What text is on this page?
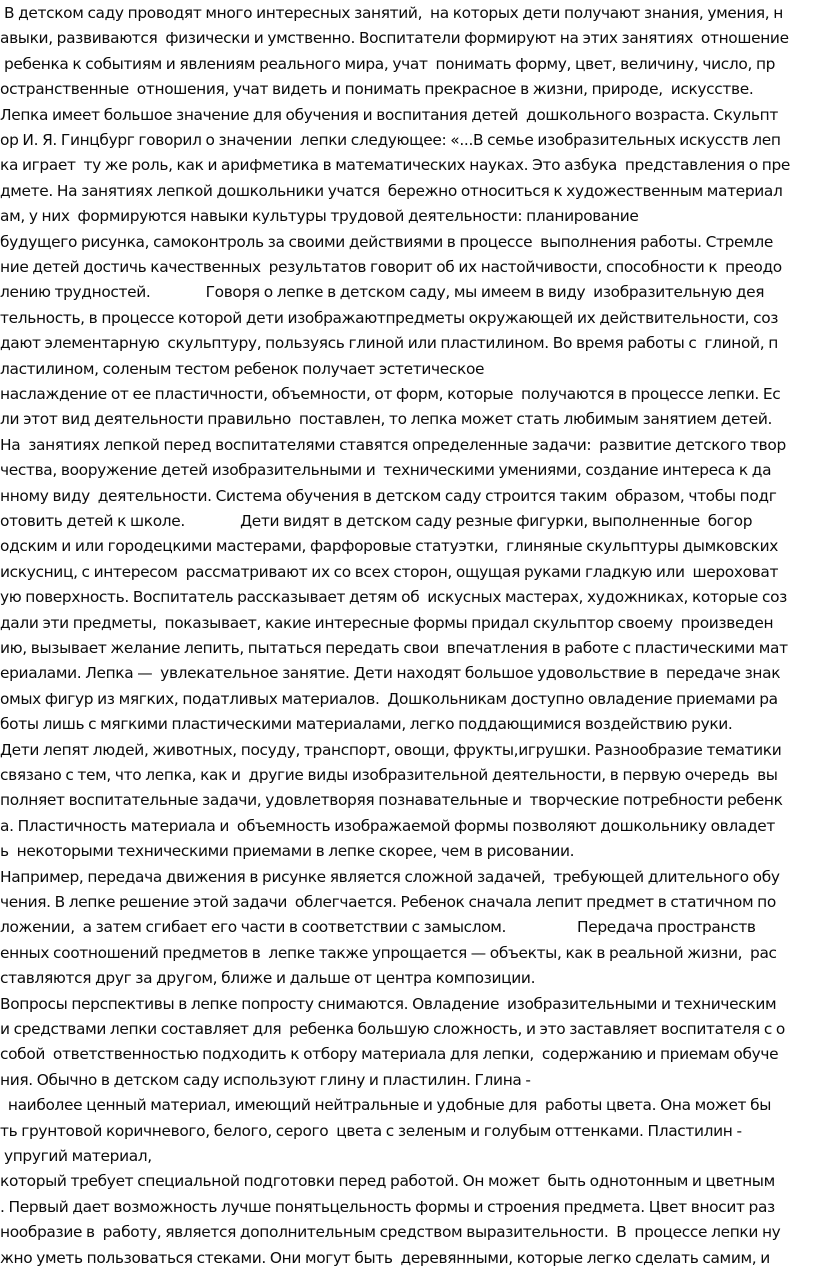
В детском саду проводят много интересных занятий,  на которых дети получают знания, умения, н
авыки, развиваются  физически и умственно. Воспитатели формируют на этих занятиях  отношение
ребенка к событиям и явлениям реального мира, учат  понимать форму, цвет, величину, число, пр
остранственные  отношения, учат видеть и понимать прекрасное в жизни, природе,  искусстве.
Лепка имеет большое значение для обучения и воспитания детей  дошкольного возраста. Скульпт
ор И. Я. Гинцбург говорил о значении  лепки следующее: «...В семье изобразительных искусств леп
ка играет  ту же роль, как и арифметика в математических науках. Это азбука  представления о пре
дмете. На занятиях лепкой дошкольники учатся  бережно относиться к художественным материал
ам, у них  формируются навыки культуры трудовой деятельности: планирование
будущего рисунка, самоконтроль за своими действиями в процессе  выполнения работы. Стремле
ние детей достичь качественных  результатов говорит об их настойчивости, способности к  преодо
лению трудностей.              Говоря о лепке в детском саду, мы имеем в виду  изобразительную дея
тельность, в процессе которой дети изображаютпредметы окружающей их действительности, соз
дают элементарную  скульптуру, пользуясь глиной или пластилином. Во время работы с  глиной, п
ластилином, соленым тестом ребенок получает эстетическое
наслаждение от ее пластичности, объемности, от форм, которые  получаются в процессе лепки. Ес
ли этот вид деятельности правильно  поставлен, то лепка может стать любимым занятием детей.
На  занятиях лепкой перед воспитателями ставятся определенные задачи:  развитие детского твор
чества, вооружение детей изобразительными и  техническими умениями, создание интереса к да
нному виду  деятельности. Система обучения в детском саду строится таким  образом, чтобы подг
отовить детей к школе.              Дети видят в детском саду резные фигурки, выполненные  богор
одским и или городецкими мастерами, фарфоровые статуэтки,  глиняные скульптуры дымковских
искусниц, с интересом  рассматривают их со всех сторон, ощущая руками гладкую или  шероховат
ую поверхность. Воспитатель рассказывает детям об  искусных мастерах, художниках, которые соз
дали эти предметы,  показывает, какие интересные формы придал скульптор своему  произведен
ию, вызывает желание лепить, пытаться передать свои  впечатления в работе с пластическими мат
ериалами. Лепка —  увлекательное занятие. Дети находят большое удовольствие в  передаче знак
омых фигур из мягких, податливых материалов.  Дошкольникам доступно овладение приемами ра
боты лишь с мягкими пластическими материалами, легко поддающимися воздействию руки.
Дети лепят людей, животных, посуду, транспорт, овощи, фрукты,игрушки. Разнообразие тематики
связано с тем, что лепка, как и  другие виды изобразительной деятельности, в первую очередь  вы
полняет воспитательные задачи, удовлетворяя познавательные и  творческие потребности ребенк
а. Пластичность материала и  объемность изображаемой формы позволяют дошкольнику овладет
ь  некоторыми техническими приемами в лепке скорее, чем в рисовании.
Например, передача движения в рисунке является сложной задачей,  требующей длительного обу
чения. В лепке решение этой задачи  облегчается. Ребенок сначала лепит предмет в статичном по
ложении,  а затем сгибает его части в соответствии с замыслом.                  Передача пространств
енных соотношений предметов в  лепке также упрощается — объекты, как в реальной жизни,  рас
ставляются друг за другом, ближе и дальше от центра композиции.
Вопросы перспективы в лепке попросту снимаются. Овладение  изобразительными и техническим
и средствами лепки составляет для  ребенка большую сложность, и это заставляет воспитателя с о
собой  ответственностью подходить к отбору материала для лепки,  содержанию и приемам обуче
ния. Обычно в детском саду используют глину и пластилин. Глина -
наиболее ценный материал, имеющий нейтральные и удобные для  работы цвета. Она может бы
ть грунтовой коричневого, белого, серого  цвета с зеленым и голубым оттенками. Пластилин -
упругий материал,
который требует специальной подготовки перед работой. Он может  быть однотонным и цветным
. Первый дает возможность лучше понятьцельность формы и строения предмета. Цвет вносит раз
нообразие в  работу, является дополнительным средством выразительности.  В  процессе лепки ну
жно уметь пользоваться стеками. Они могут быть  деревянными, которые легко сделать самим, и
